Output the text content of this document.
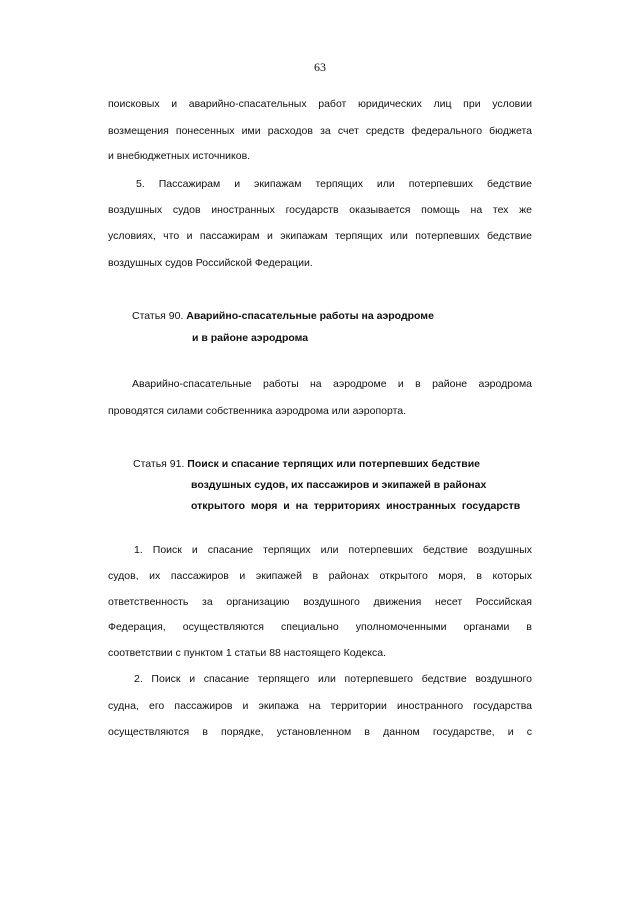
63
поисковых и аварийно-спасательных работ юридических лиц при условии
возмещения понесенных ими расходов за счет средств федерального бюджета
и внебюджетных источников.
5. Пассажирам и экипажам терпящих или потерпевших бедствие
воздушных судов иностранных государств оказывается помощь на тех же
условиях, что и пассажирам и экипажам терпящих или потерпевших бедствие
воздушных судов Российской Федерации.
Статья 90. Аварийно-спасательные работы на аэродроме
и в районе аэродрома
Аварийно-спасательные работы на аэродроме и в районе аэродрома
проводятся силами собственника аэродрома или аэропорта.
Статья 91. Поиск и спасание терпящих или потерпевших бедствие
воздушных судов, их пассажиров и экипажей в районах
открытого моря и на территориях иностранных государств
1. Поиск и спасание терпящих или потерпевших бедствие воздушных
судов, их пассажиров и экипажей в районах открытого моря, в которых
ответственность за организацию воздушного движения несет Российская
Федерация, осуществляются специально уполномоченными органами в
соответствии с пунктом 1 статьи 88 настоящего Кодекса.
2. Поиск и спасание терпящего или потерпевшего бедствие воздушного
судна, его пассажиров и экипажа на территории иностранного государства
осуществляются в порядке, установленном в данном государстве, и с
